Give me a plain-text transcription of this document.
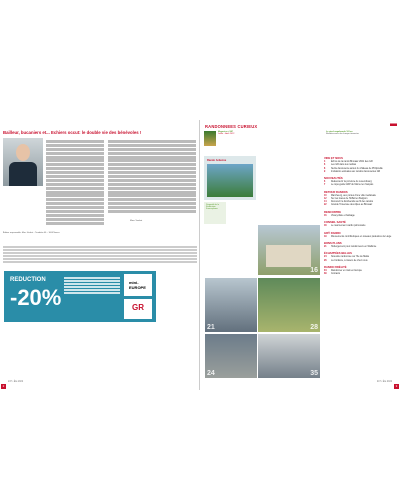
Bailleur, bucaniers et... Echiers occut: le double vie des bénévoles !
Marc Vankat
Éditeur responsable: Marc Vankat – Tourbière 46 – 1000 Namur
REDUCTION
-20%
mini-EUROPE
GR
2
247 • Été 2022
RANDONNEES CURIEUX
Magazine n°247
Juillet – Août 2022
Le pied vagabonde 10 km
Rendez-vous de chaque trimestre
Rando Ardenne
Dispositif de la Fédération Francophone
16
21	28
24	35
VIDE ET NOUS
4	Échos de la rando Binnaaz 2021 des GR
6	Les GR dans les médias
8	Nerlie découverte autour du château de Philipsville
9	Invitations estivales aux randos découvertes GR
NOUVEAUTÉS
6	Redécouvrir la province du Luxembourg
7	Le topo-guide GRP du Morvel en français
RETOUR RANDOS
10	Marcheurg, aux portes d'une ville médiévale
12	Sur les traces de Hoffall en Belgium
14	Découvrir la biodiversité au fil des randos
22	Grande Traversée des Alpes au Binnaaz
RENCONTRE
16	Vivacycliste et balisage
CONSEIL SANTÉ
18	Le réarmement cardio pulmonaire
GR® RANDO
19	Mouvements contributiques en réseaux pédestres de Liège
BONS PLANS
21	Hébergement pour randonneurs en Wallonie
ÉCHAPPÉES BELLES
24	Nouvelle randonnée sur l'île de Malta
26	La Cordière, à travers de chez nous
RANDO FIDÉLITÉ
34	Randonner en train en Europe
39	Contacts
247 • Été 2022
3
